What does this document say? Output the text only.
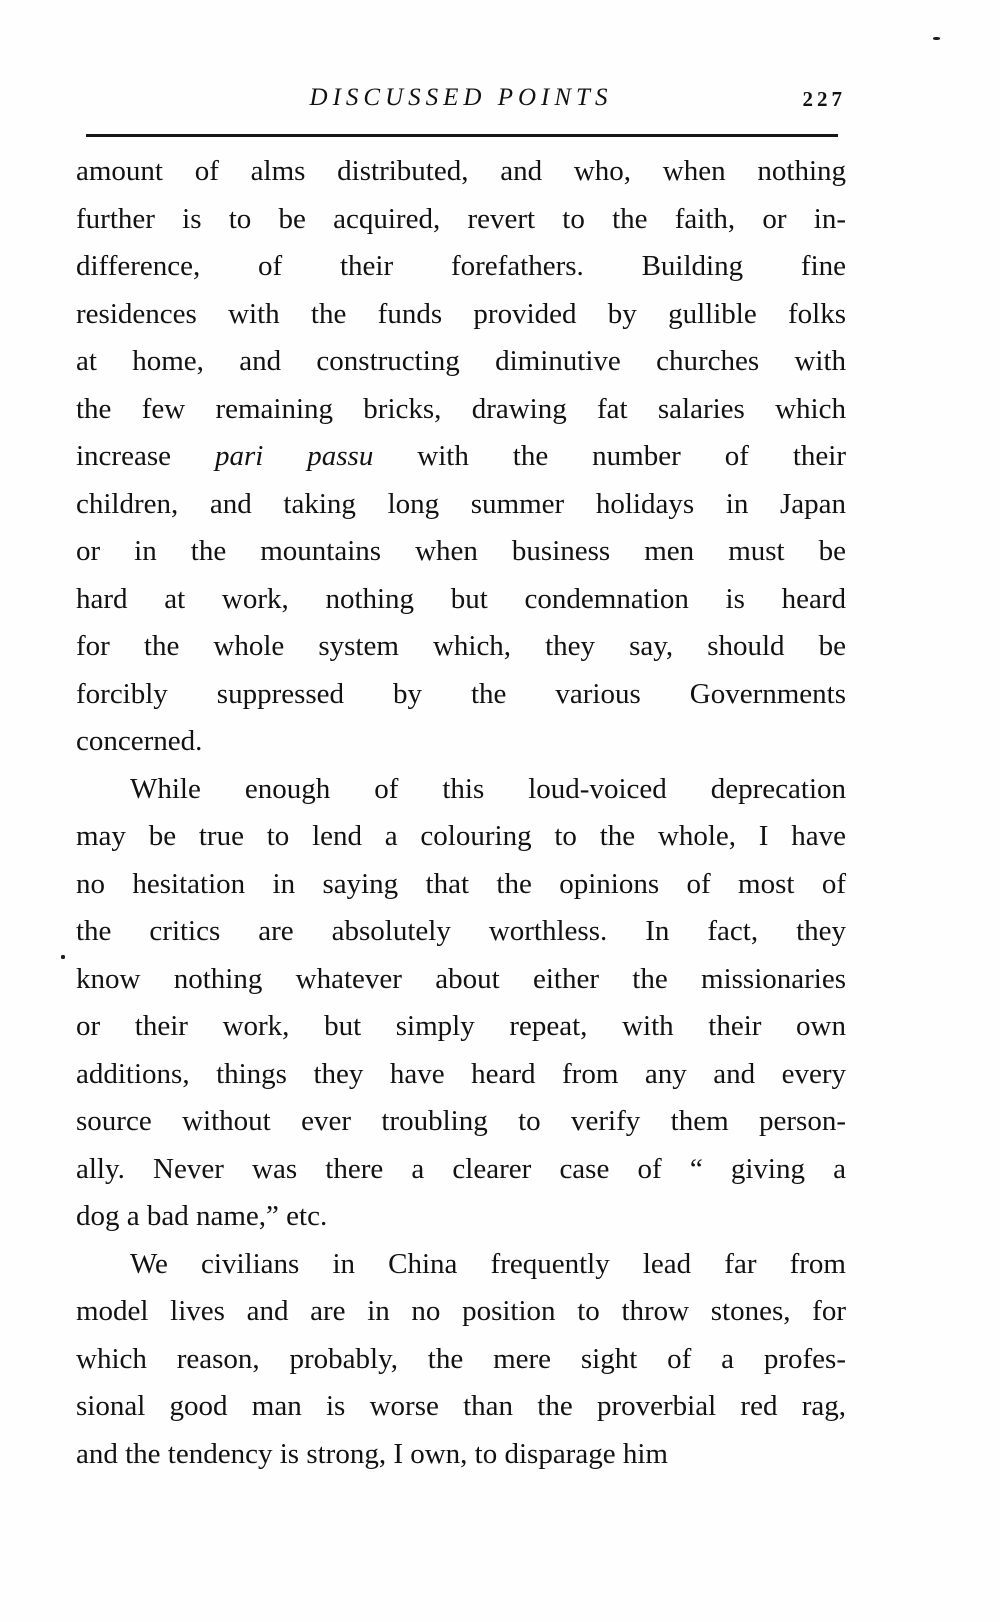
DISCUSSED POINTS	227
amount of alms distributed, and who, when nothing
further is to be acquired, revert to the faith, or in-
difference, of their forefathers. Building fine
residences with the funds provided by gullible folks
at home, and constructing diminutive churches with
the few remaining bricks, drawing fat salaries which
increase pari passu with the number of their
children, and taking long summer holidays in Japan
or in the mountains when business men must be
hard at work, nothing but condemnation is heard
for the whole system which, they say, should be
forcibly suppressed by the various Governments
concerned.
While enough of this loud-voiced deprecation
may be true to lend a colouring to the whole, I have
no hesitation in saying that the opinions of most of
the critics are absolutely worthless. In fact, they
know nothing whatever about either the missionaries
or their work, but simply repeat, with their own
additions, things they have heard from any and every
source without ever troubling to verify them person-
ally. Never was there a clearer case of “ giving a
dog a bad name,” etc.
We civilians in China frequently lead far from
model lives and are in no position to throw stones, for
which reason, probably, the mere sight of a profes-
sional good man is worse than the proverbial red rag,
and the tendency is strong, I own, to disparage him
